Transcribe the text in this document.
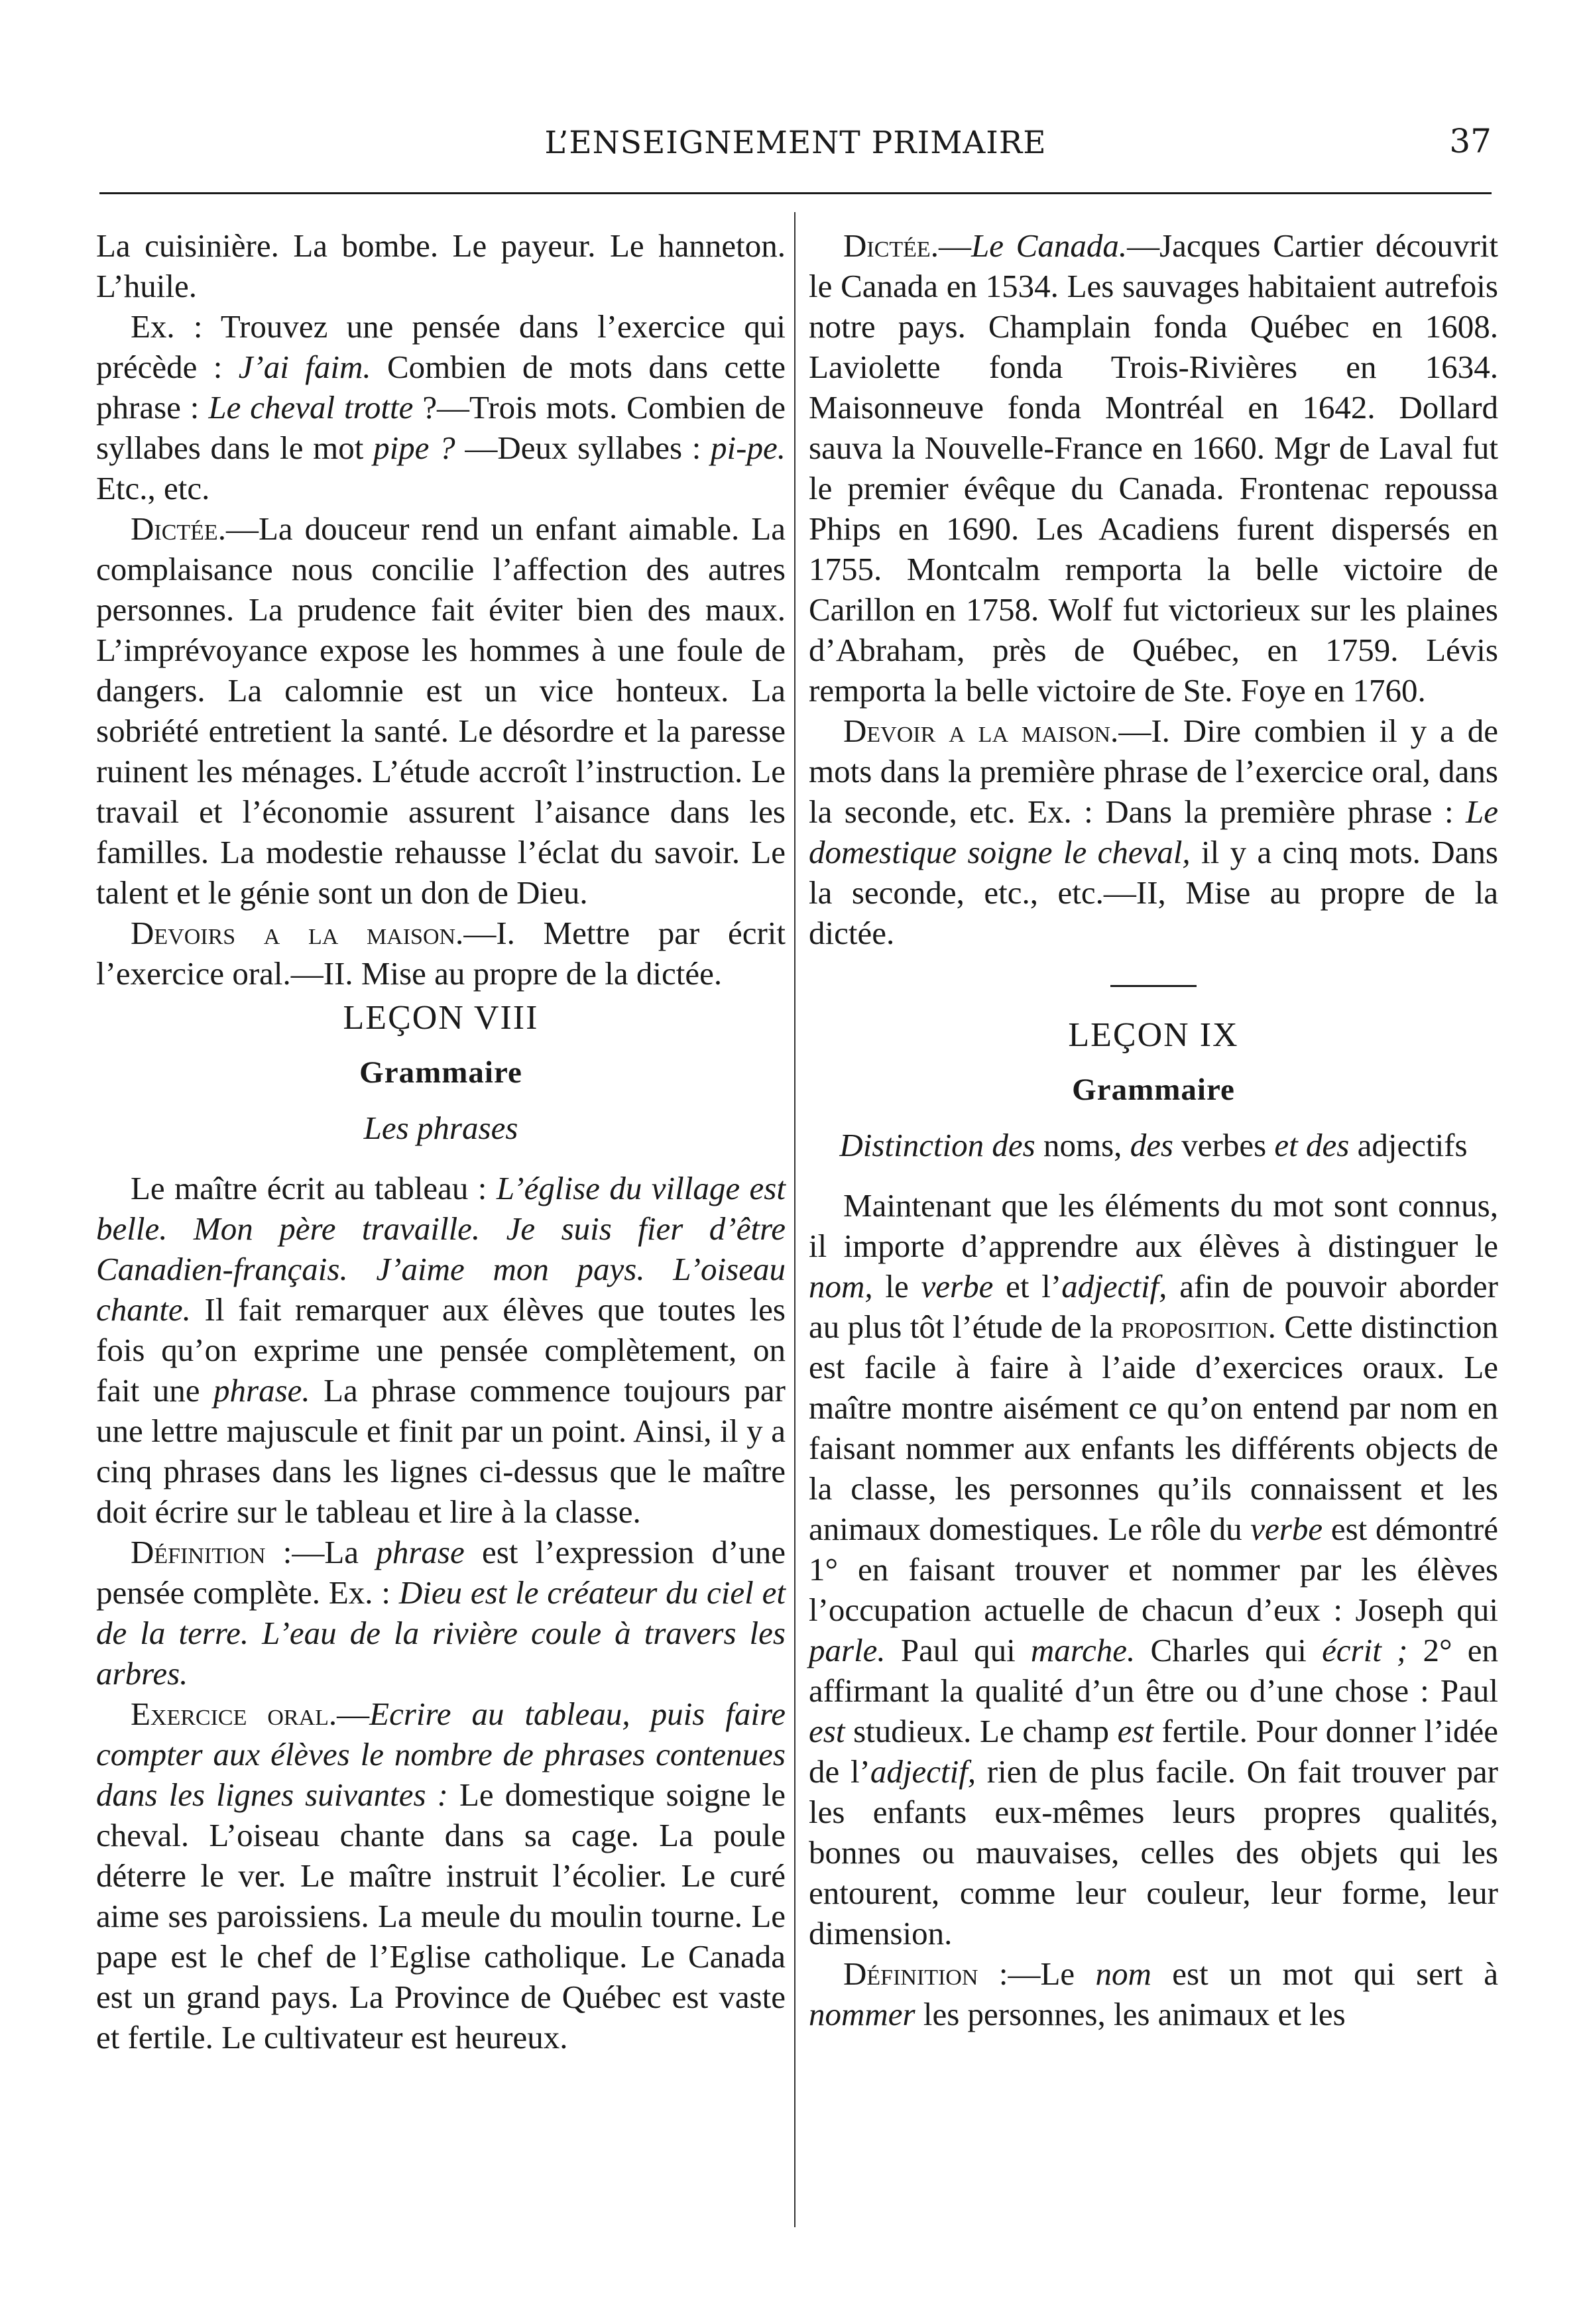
L’ENSEIGNEMENT PRIMAIRE	37

La cuisinière. La bombe. Le payeur. Le hanneton. L’huile.

Ex. : Trouvez une pensée dans l’exercice qui précède : J’ai faim. Combien de mots dans cette phrase : Le cheval trotte ?—Trois mots. Combien de syllabes dans le mot pipe ? —Deux syllabes : pi-pe. Etc., etc.

Dictée.—La douceur rend un enfant aimable. La complaisance nous concilie l’affection des autres personnes. La prudence fait éviter bien des maux. L’imprévoyance expose les hommes à une foule de dangers. La calomnie est un vice honteux. La sobriété entretient la santé. Le désordre et la paresse ruinent les ménages. L’étude accroît l’instruction. Le travail et l’économie assurent l’aisance dans les familles. La modestie rehausse l’éclat du savoir. Le talent et le génie sont un don de Dieu.

Devoirs a la maison.—I. Mettre par écrit l’exercice oral.—II. Mise au propre de la dictée.

LEÇON VIII

Grammaire

Les phrases

Le maître écrit au tableau : L’église du village est belle. Mon père travaille. Je suis fier d’être Canadien-français. J’aime mon pays. L’oiseau chante. Il fait remarquer aux élèves que toutes les fois qu’on exprime une pensée complètement, on fait une phrase. La phrase commence toujours par une lettre majuscule et finit par un point. Ainsi, il y a cinq phrases dans les lignes ci-dessus que le maître doit écrire sur le tableau et lire à la classe.

Définition :—La phrase est l’expression d’une pensée complète. Ex. : Dieu est le créateur du ciel et de la terre. L’eau de la rivière coule à travers les arbres.

Exercice oral.—Ecrire au tableau, puis faire compter aux élèves le nombre de phrases contenues dans les lignes suivantes : Le domestique soigne le cheval. L’oiseau chante dans sa cage. La poule déterre le ver. Le maître instruit l’écolier. Le curé aime ses paroissiens. La meule du moulin tourne. Le pape est le chef de l’Eglise catholique. Le Canada est un grand pays. La Province de Québec est vaste et fertile. Le cultivateur est heureux.

Dictée.—Le Canada.—Jacques Cartier découvrit le Canada en 1534. Les sauvages habitaient autrefois notre pays. Champlain fonda Québec en 1608. Laviolette fonda Trois-Rivières en 1634. Maisonneuve fonda Montréal en 1642. Dollard sauva la Nouvelle-France en 1660. Mgr de Laval fut le premier évêque du Canada. Frontenac repoussa Phips en 1690. Les Acadiens furent dispersés en 1755. Montcalm remporta la belle victoire de Carillon en 1758. Wolf fut victorieux sur les plaines d’Abraham, près de Québec, en 1759. Lévis remporta la belle victoire de Ste. Foye en 1760.

Devoir a la maison.—I. Dire combien il y a de mots dans la première phrase de l’exercice oral, dans la seconde, etc. Ex. : Dans la première phrase : Le domestique soigne le cheval, il y a cinq mots. Dans la seconde, etc., etc.—II, Mise au propre de la dictée.

LEÇON IX

Grammaire

Distinction des noms, des verbes et des adjectifs

Maintenant que les éléments du mot sont connus, il importe d’apprendre aux élèves à distinguer le nom, le verbe et l’adjectif, afin de pouvoir aborder au plus tôt l’étude de la proposition. Cette distinction est facile à faire à l’aide d’exercices oraux. Le maître montre aisément ce qu’on entend par nom en faisant nommer aux enfants les différents objects de la classe, les personnes qu’ils connaissent et les animaux domestiques. Le rôle du verbe est démontré 1° en faisant trouver et nommer par les élèves l’occupation actuelle de chacun d’eux : Joseph qui parle. Paul qui marche. Charles qui écrit ; 2° en affirmant la qualité d’un être ou d’une chose : Paul est studieux. Le champ est fertile. Pour donner l’idée de l’adjectif, rien de plus facile. On fait trouver par les enfants eux-mêmes leurs propres qualités, bonnes ou mauvaises, celles des objets qui les entourent, comme leur couleur, leur forme, leur dimension.

Définition :—Le nom est un mot qui sert à nommer les personnes, les animaux et les
